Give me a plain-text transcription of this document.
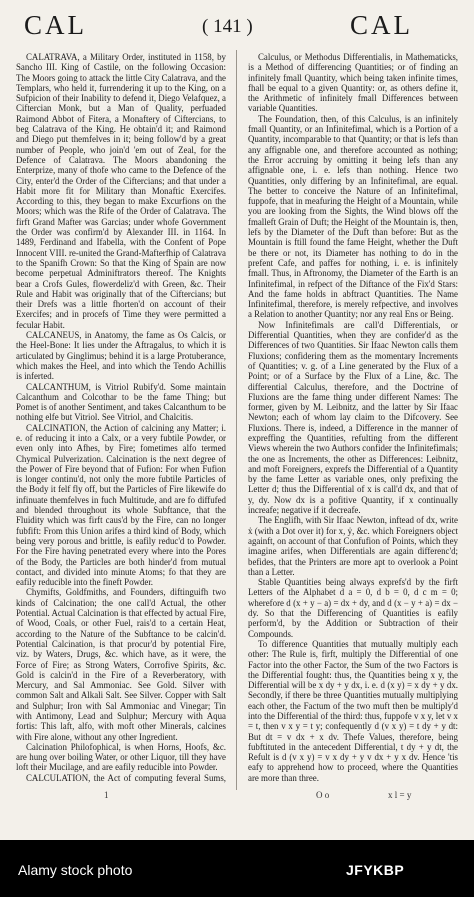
CAL	( 141 )	CAL

CALATRAVA, a Military Order, instituted in 1158, by Sancho III. King of Castile, on the following Occasion: The Moors going to attack the little City Calatrava, and the Templars, who held it, furrendering it up to the King, on a Sufpicion of their Inability to defend it, Diego Velafquez, a Ciftercian Monk, but a Man of Quality, perfuaded Raimond Abbot of Fitera, a Monaftery of Ciftercians, to beg Calatrava of the King. He obtain'd it; and Raimond and Diego put themfelves in it; being follow'd by a great number of People, who join'd 'em out of Zeal, for the Defence of Calatrava. The Moors abandoning the Enterprize, many of thofe who came to the Defence of the City, enter'd the Order of the Ciftercians; and that under a Habit more fit for Military than Monaftic Exercifes. According to this, they began to make Excurfions on the Moors; which was the Rife of the Order of Calatrava. The firft Grand Mafter was Garcias; under whofe Government the Order was confirm'd by Alexander III. in 1164. In 1489, Ferdinand and Ifabella, with the Confent of Pope Innocent VIII. re-united the Grand-Mafterfhip of Calatrava to the Spanifh Crown: So that the King of Spain are now become perpetual Adminiftrators thereof. The Knights bear a Crofs Gules, flowerdeliz'd with Green, &c. Their Rule and Habit was originally that of the Ciftercians; but their Drefs was a little fhorten'd on account of their Exercifes; and in procefs of Time they were permitted a fecular Habit.

CALCANEUS, in Anatomy, the fame as Os Calcis, or the Heel-Bone: It lies under the Aftragalus, to which it is articulated by Ginglimus; behind it is a large Protuberance, which makes the Heel, and into which the Tendo Achillis is inferted.

CALCANTHUM, is Vitriol Rubify'd. Some maintain Calcanthum and Colcothar to be the fame Thing; but Pomet is of another Sentiment, and takes Calcanthum to be nothing elfe but Vitriol. See Vitriol, and Chalcitis.

CALCINATION, the Action of calcining any Matter; i. e. of reducing it into a Calx, or a very fubtile Powder, or even only into Afhes, by Fire; fometimes alfo termed Chymical Pulverization. Calcination is the next degree of the Power of Fire beyond that of Fufion: For when Fufion is longer continu'd, not only the more fubtile Particles of the Body it felf fly off, but the Particles of Fire likewife do infinuate themfelves in fuch Multitude, and are fo diffufed and blended throughout its whole Subftance, that the Fluidity which was firft caus'd by the Fire, can no longer fubfift: From this Union arifes a third kind of Body, which being very porous and brittle, is eafily reduc'd to Powder. For the Fire having penetrated every where into the Pores of the Body, the Particles are both hinder'd from mutual contact, and divided into minute Atoms; fo that they are eafily reducible into the fineft Powder.

Chymifts, Goldfmiths, and Founders, diftinguifh two kinds of Calcination; the one call'd Actual, the other Potential. Actual Calcination is that effected by actual Fire, of Wood, Coals, or other Fuel, rais'd to a certain Heat, according to the Nature of the Subftance to be calcin'd. Potential Calcination, is that procur'd by potential Fire, viz. by Waters, Drugs, &c. which have, as it were, the Force of Fire; as Strong Waters, Corrofive Spirits, &c. Gold is calcin'd in the Fire of a Reverberatory, with Mercury, and Sal Ammoniac. See Gold. Silver with common Salt and Alkali Salt. See Silver. Copper with Salt and Sulphur; Iron with Sal Ammoniac and Vinegar; Tin with Antimony, Lead and Sulphur; Mercury with Aqua fortis: This laft, alfo, with moft other Minerals, calcines with Fire alone, without any other Ingredient.

Calcination Philofophical, is when Horns, Hoofs, &c. are hung over boiling Water, or other Liquor, till they have loft their Mucilage, and are eafily reducible into Powder.

CALCULATION, the Act of computing feveral Sums,

Calculus, or Methodus Differentialis, in Mathematicks, is a Method of differencing Quantities; or of finding an infinitely fmall Quantity, which being taken infinite times, fhall be equal to a given Quantity: or, as others define it, the Arithmetic of infinitely fmall Differences between variable Quantities.

The Foundation, then, of this Calculus, is an infinitely fmall Quantity, or an Infinitefimal, which is a Portion of a Quantity, incomparable to that Quantity; or that is lefs than any affignable one, and therefore accounted as nothing; the Error accruing by omitting it being lefs than any affignable one, i. e. lefs than nothing. Hence two Quantities, only differing by an Infinitefimal, are equal. The better to conceive the Nature of an Infinitefimal, fuppofe, that in meafuring the Height of a Mountain, while you are looking from the Sights, the Wind blows off the fmalleft Grain of Duft; the Height of the Mountain is, then, lefs by the Diameter of the Duft than before: But as the Mountain is ftill found the fame Height, whether the Duft be there or not, its Diameter has nothing to do in the prefent Cafe, and paffes for nothing, i. e. is infinitely fmall. Thus, in Aftronomy, the Diameter of the Earth is an Infinitefimal, in refpect of the Diftance of the Fix'd Stars: And the fame holds in abftract Quantities. The Name Infinitefimal, therefore, is merely refpective, and involves a Relation to another Quantity; nor any real Ens or Being.

Now Infinitefimals are call'd Differentials, or Differential Quantities, when they are confider'd as the Differences of two Quantities. Sir Ifaac Newton calls them Fluxions; confidering them as the momentary Increments of Quantities; v. g. of a Line generated by the Flux of a Point; or of a Surface by the Flux of a Line, &c. The differential Calculus, therefore, and the Doctrine of Fluxions are the fame thing under different Names: The former, given by M. Leibnitz, and the latter by Sir Ifaac Newton; each of whom lay claim to the Difcovery. See Fluxions. There is, indeed, a Difference in the manner of expreffing the Quantities, refulting from the different Views wherein the two Authors confider the Infinitefimals; the one as Increments, the other as Differences: Leibnitz, and moft Foreigners, exprefs the Differential of a Quantity by the fame Letter as variable ones, only prefixing the Letter d; thus the Differential of x is call'd dx, and that of y, dy. Now dx is a pofitive Quantity, if x continually increafe; negative if it decreafe.

The Englifh, with Sir Ifaac Newton, inftead of dx, write ẋ (with a Dot over it) for x, ẏ, &c. which Foreigners object againft, on account of that Confufion of Points, which they imagine arifes, when Differentials are again differenc'd; befides, that the Printers are more apt to overlook a Point than a Letter.

Stable Quantities being always exprefs'd by the firft Letters of the Alphabet d a = 0, d b = 0, d c m = 0; wherefore d (x + y − a) = dx + dy, and d (x − y + a) = dx − dy. So that the Differencing of Quantities is eafily perform'd, by the Addition or Subtraction of their Compounds.

To difference Quantities that mutually multiply each other: The Rule is, firft, multiply the Differential of one Factor into the other Factor, the Sum of the two Factors is the Differential fought: thus, the Quantities being x y, the Differential will be x dy + y dx, i. e. d (x y) = x dy + y dx. Secondly, if there be three Quantities mutually multiplying each other, the Factum of the two muft then be multiply'd into the Differential of the third: thus, fuppofe v x y, let v x = t, then v x y = t y; confequently d (v x y) = t dy + y dt: But dt = v dx + x dv. Thefe Values, therefore, being fubftituted in the antecedent Differential, t dy + y dt, the Refult is d (v x y) = v x dy + y v dx + y x dv. Hence 'tis eafy to apprehend how to proceed, where the Quantities are more than three.

1	O o	x l = y
Alamy stock photo	JFYKBP
